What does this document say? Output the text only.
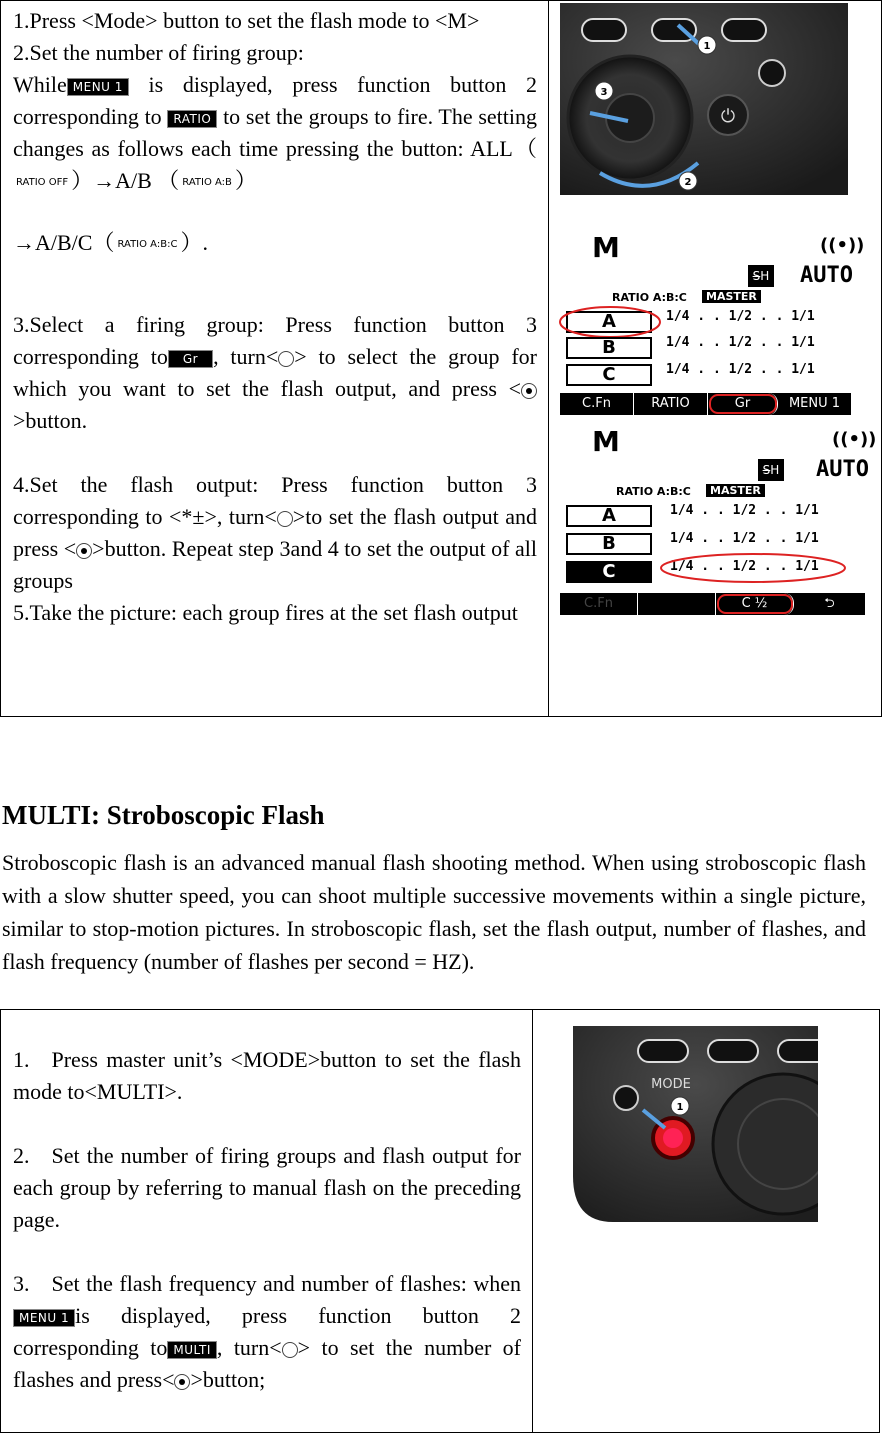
1.Press <Mode> button to set the flash mode to <M>

2.Set the number of firing group:

While MENU 1 is displayed, press function button 2 corresponding to RATIO to set the groups to fire. The setting changes as follows each time pressing the button: ALL（RATIO OFF ）→A/B （ RATIO A:B ）

→A/B/C（ RATIO A:B:C ）.

3.Select a firing group: Press function button 3 corresponding to Gr , turn< > to select the group for which you want to set the flash output, and press <>button.

4.Set the flash output: Press function button 3 corresponding to <*±>, turn< >to set the flash output and press < >button. Repeat step 3and 4 to set the output of all groups

5.Take the picture: each group fires at the set flash output

⏻
1
2
3
M	((•))
S̶H AUTO
RATIO A:B:C	MASTER
A	1/4 . . 1/2 . . 1/1
B	1/4 . . 1/2 . . 1/1
C	1/4 . . 1/2 . . 1/1
C.Fn	RATIO	Gr	MENU 1
M	((•))
S̶H AUTO
RATIO A:B:C	MASTER
A	1/4 . . 1/2 . . 1/1
B	1/4 . . 1/2 . . 1/1
C	1/4 . . 1/2 . . 1/1
C.Fn	C ½	⮌
MULTI: Stroboscopic Flash

Stroboscopic flash is an advanced manual flash shooting method. When using stroboscopic flash with a slow shutter speed, you can shoot multiple successive movements within a single picture, similar to stop-motion pictures. In stroboscopic flash, set the flash output, number of flashes, and flash frequency (number of flashes per second = HZ).

1. Press master unit’s <MODE>button to set the flash mode to<MULTI>.

2. Set the number of firing groups and flash output for each group by referring to manual flash on the preceding page.

3. Set the flash frequency and number of flashes: whenMENU 1 is displayed, press function button 2 corresponding to MULTI , turn< > to set the number of flashes and press< >button;

MODE
1
